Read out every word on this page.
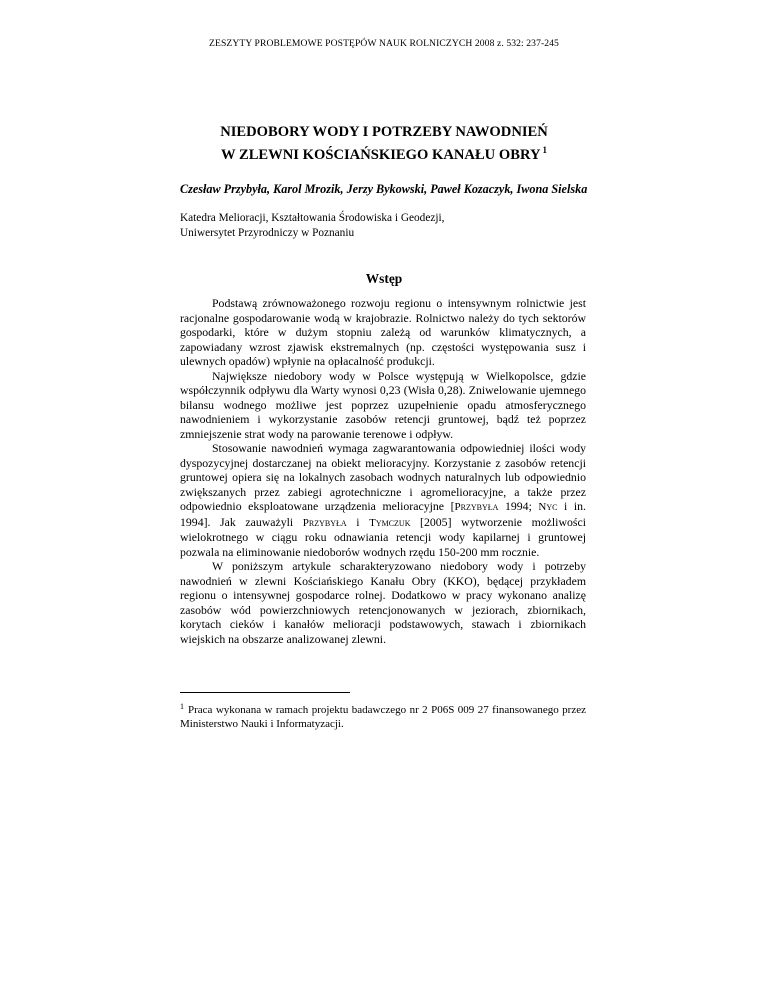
ZESZYTY PROBLEMOWE POSTĘPÓW NAUK ROLNICZYCH 2008 z. 532: 237-245
NIEDOBORY WODY I POTRZEBY NAWODNIEŃ
W ZLEWNI KOŚCIAŃSKIEGO KANAŁU OBRY $^1$
Czesław Przybyła, Karol Mrozik, Jerzy Bykowski, Paweł Kozaczyk, Iwona Sielska
Katedra Melioracji, Kształtowania Środowiska i Geodezji,
Uniwersytet Przyrodniczy w Poznaniu
Wstęp

Podstawą zrównoważonego rozwoju regionu o intensywnym rolnictwie jest racjonalne gospodarowanie wodą w krajobrazie. Rolnictwo należy do tych sektorów gospodarki, które w dużym stopniu zależą od warunków klimatycznych, a zapowiadany wzrost zjawisk ekstremalnych (np. częstości występowania susz i ulewnych opadów) wpłynie na opłacalność produkcji.

Największe niedobory wody w Polsce występują w Wielkopolsce, gdzie współczynnik odpływu dla Warty wynosi 0,23 (Wisła 0,28). Zniwelowanie ujemnego bilansu wodnego możliwe jest poprzez uzupełnienie opadu atmosferycznego nawodnieniem i wykorzystanie zasobów retencji gruntowej, bądź też poprzez zmniejszenie strat wody na parowanie terenowe i odpływ.

Stosowanie nawodnień wymaga zagwarantowania odpowiedniej ilości wody dyspozycyjnej dostarczanej na obiekt melioracyjny. Korzystanie z zasobów retencji gruntowej opiera się na lokalnych zasobach wodnych naturalnych lub odpowiednio zwiększanych przez zabiegi agrotechniczne i agromelioracyjne, a także przez odpowiednio eksploatowane urządzenia melioracyjne [Przybyła 1994; Nyc i in. 1994]. Jak zauważyli Przybyła i Tymczuk [2005] wytworzenie możliwości wielokrotnego w ciągu roku odnawiania retencji wody kapilarnej i gruntowej pozwala na eliminowanie niedoborów wodnych rzędu 150-200 mm rocznie.

W poniższym artykule scharakteryzowano niedobory wody i potrzeby nawodnień w zlewni Kościańskiego Kanału Obry (KKO), będącej przykładem regionu o intensywnej gospodarce rolnej. Dodatkowo w pracy wykonano analizę zasobów wód powierzchniowych retencjonowanych w jeziorach, zbiornikach, korytach cieków i kanałów melioracji podstawowych, stawach i zbiornikach wiejskich na obszarze analizowanej zlewni.

$^1$ Praca wykonana w ramach projektu badawczego nr 2 P06S 009 27 finansowanego przez Ministerstwo Nauki i Informatyzacji.
